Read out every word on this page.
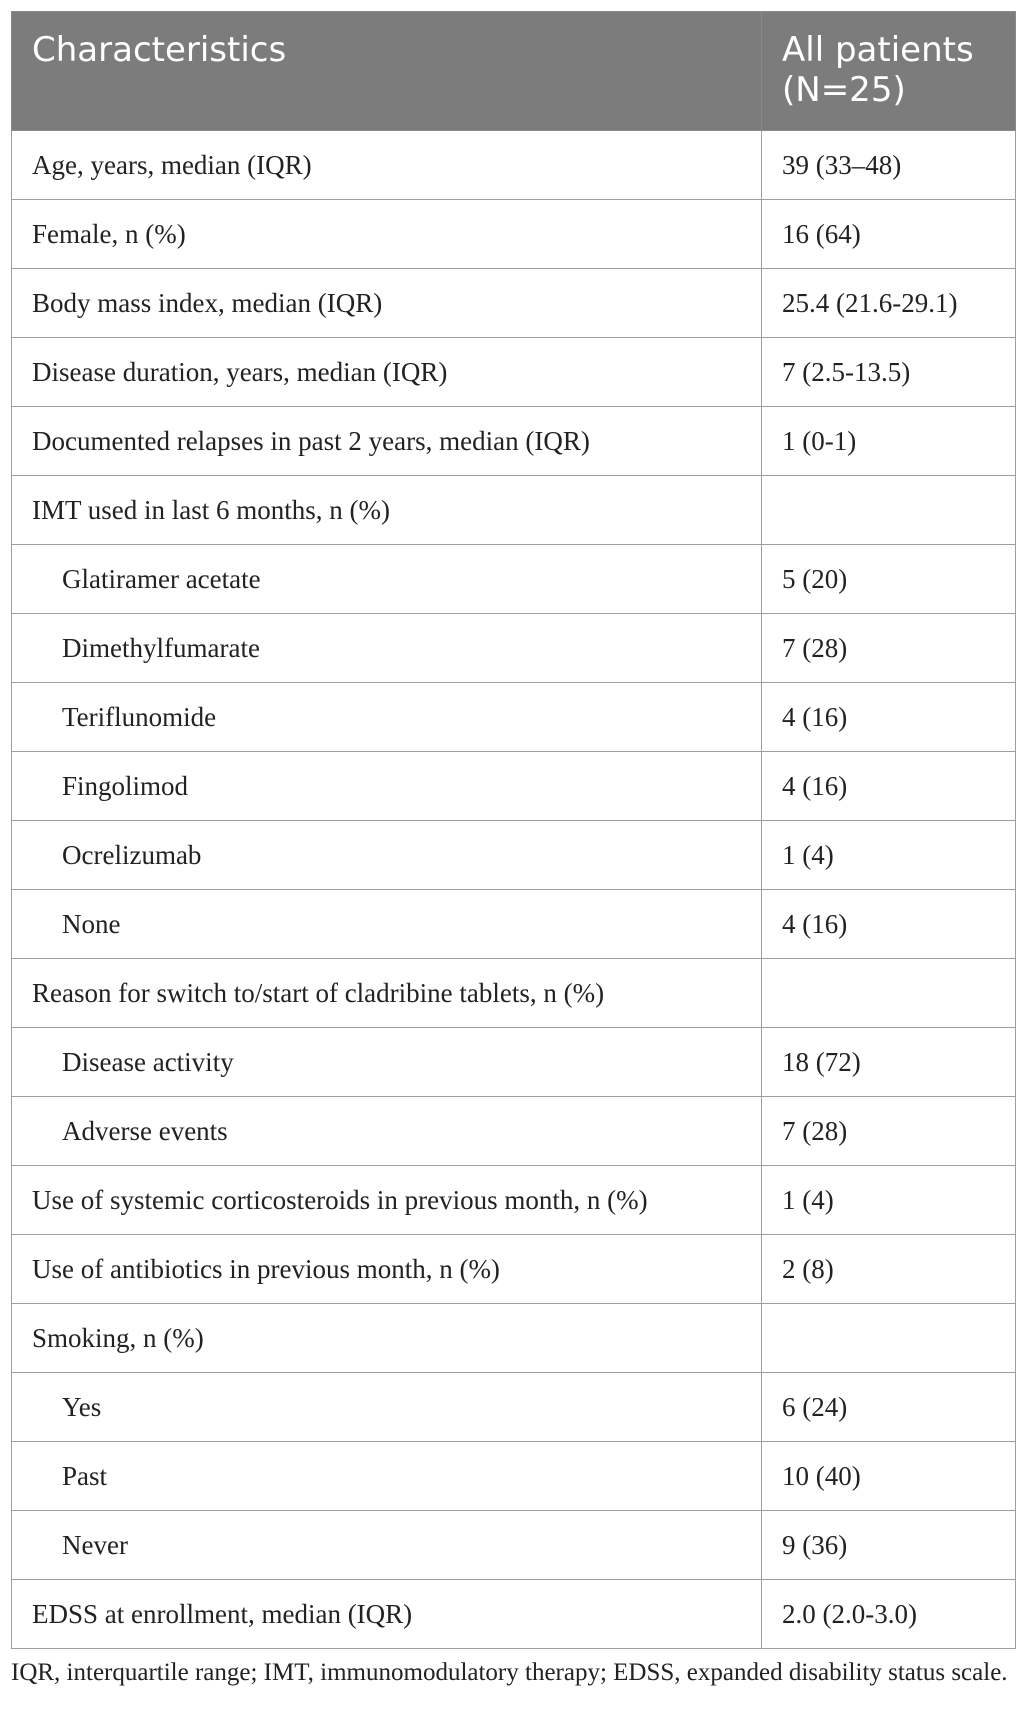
Characteristics	All patients
(N=25)
Age, years, median (IQR)	39 (33–48)
Female, n (%)	16 (64)
Body mass index, median (IQR)	25.4 (21.6-29.1)
Disease duration, years, median (IQR)	7 (2.5-13.5)
Documented relapses in past 2 years, median (IQR)	1 (0-1)
IMT used in last 6 months, n (%)	
Glatiramer acetate	5 (20)
Dimethylfumarate	7 (28)
Teriflunomide	4 (16)
Fingolimod	4 (16)
Ocrelizumab	1 (4)
None	4 (16)
Reason for switch to/start of cladribine tablets, n (%)	
Disease activity	18 (72)
Adverse events	7 (28)
Use of systemic corticosteroids in previous month, n (%)	1 (4)
Use of antibiotics in previous month, n (%)	2 (8)
Smoking, n (%)	
Yes	6 (24)
Past	10 (40)
Never	9 (36)
EDSS at enrollment, median (IQR)	2.0 (2.0-3.0)
IQR, interquartile range; IMT, immunomodulatory therapy; EDSS, expanded disability status scale.
